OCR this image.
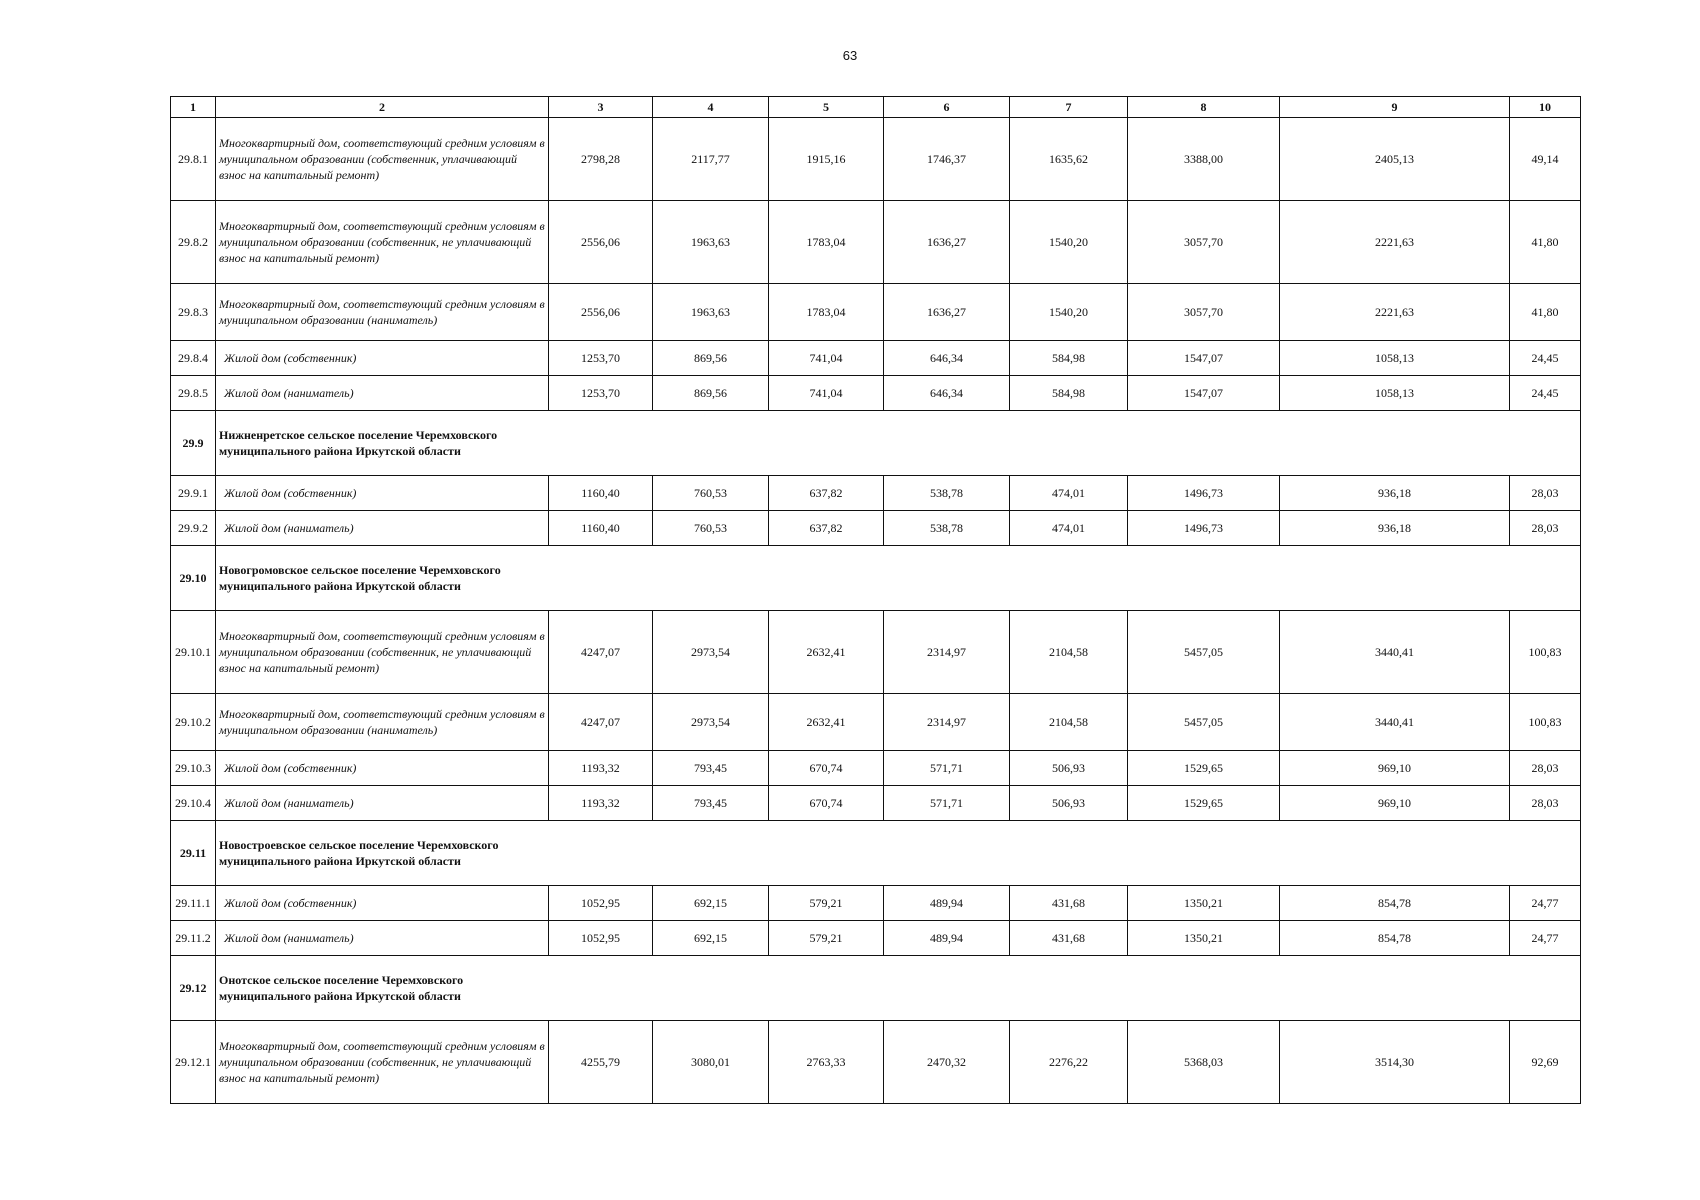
63
1	2	3	4	5	6	7	8	9	10
29.8.1	Многоквартирный дом, соответствующий средним условиям в муниципальном образовании (собственник, уплачивающий взнос на капитальный ремонт)	2798,28	2117,77	1915,16	1746,37	1635,62	3388,00	2405,13	49,14
29.8.2	Многоквартирный дом, соответствующий средним условиям в муниципальном образовании (собственник, не уплачивающий взнос на капитальный ремонт)	2556,06	1963,63	1783,04	1636,27	1540,20	3057,70	2221,63	41,80
29.8.3	Многоквартирный дом, соответствующий средним условиям в муниципальном образовании (наниматель)	2556,06	1963,63	1783,04	1636,27	1540,20	3057,70	2221,63	41,80
29.8.4	Жилой дом (собственник)	1253,70	869,56	741,04	646,34	584,98	1547,07	1058,13	24,45
29.8.5	Жилой дом (наниматель)	1253,70	869,56	741,04	646,34	584,98	1547,07	1058,13	24,45
29.9	Нижненретское сельское поселение Черемховского муниципального района Иркутской области								
29.9.1	Жилой дом (собственник)	1160,40	760,53	637,82	538,78	474,01	1496,73	936,18	28,03
29.9.2	Жилой дом (наниматель)	1160,40	760,53	637,82	538,78	474,01	1496,73	936,18	28,03
29.10	Новогромовское сельское поселение Черемховского муниципального района Иркутской области								
29.10.1	Многоквартирный дом, соответствующий средним условиям в муниципальном образовании (собственник, не уплачивающий взнос на капитальный ремонт)	4247,07	2973,54	2632,41	2314,97	2104,58	5457,05	3440,41	100,83
29.10.2	Многоквартирный дом, соответствующий средним условиям в муниципальном образовании (наниматель)	4247,07	2973,54	2632,41	2314,97	2104,58	5457,05	3440,41	100,83
29.10.3	Жилой дом (собственник)	1193,32	793,45	670,74	571,71	506,93	1529,65	969,10	28,03
29.10.4	Жилой дом (наниматель)	1193,32	793,45	670,74	571,71	506,93	1529,65	969,10	28,03
29.11	Новостроевское сельское поселение Черемховского муниципального района Иркутской области								
29.11.1	Жилой дом (собственник)	1052,95	692,15	579,21	489,94	431,68	1350,21	854,78	24,77
29.11.2	Жилой дом (наниматель)	1052,95	692,15	579,21	489,94	431,68	1350,21	854,78	24,77
29.12	Онотское сельское поселение Черемховского муниципального района Иркутской области								
29.12.1	Многоквартирный дом, соответствующий средним условиям в муниципальном образовании (собственник, не уплачивающий взнос на капитальный ремонт)	4255,79	3080,01	2763,33	2470,32	2276,22	5368,03	3514,30	92,69
